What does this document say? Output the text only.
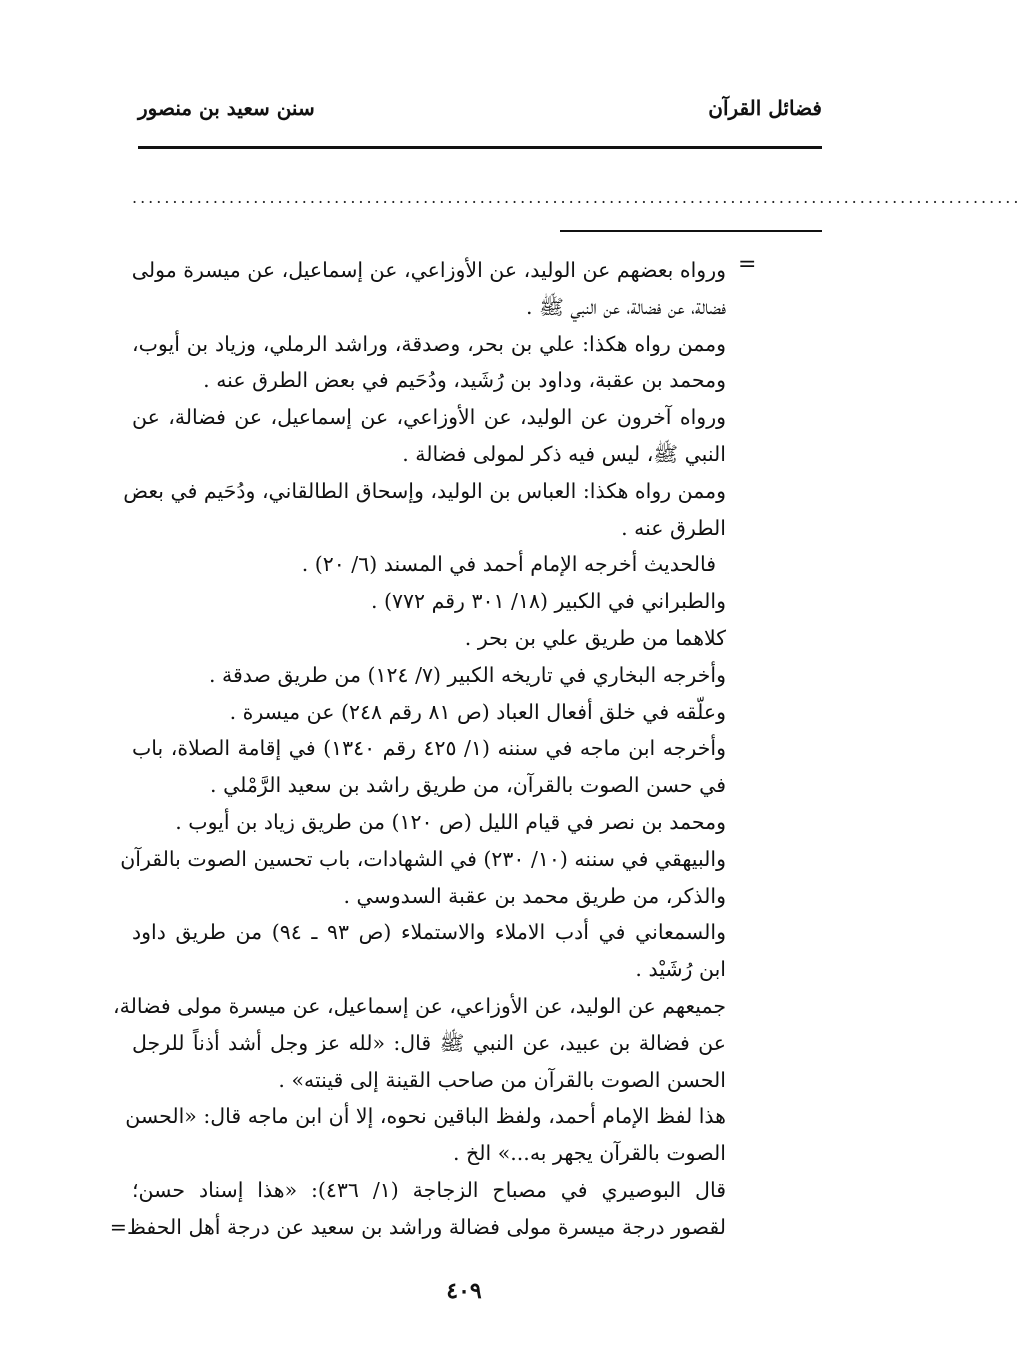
سنن سعيد بن منصور	فضائل القرآن
..............................................................................................................
=
ورواه بعضهم عن الوليد، عن الأوزاعي، عن إسماعيل، عن ميسرة مولى
فضالة، عن فضالة، عن النبي ﷺ .
وممن رواه هكذا: علي بن بحر، وصدقة، وراشد الرملي، وزياد بن أيوب،
ومحمد بن عقبة، وداود بن رُشَيد، ودُحَيم في بعض الطرق عنه .
ورواه آخرون عن الوليد، عن الأوزاعي، عن إسماعيل، عن فضالة، عن
النبي ﷺ، ليس فيه ذكر لمولى فضالة .
وممن رواه هكذا: العباس بن الوليد، وإسحاق الطالقاني، ودُحَيم في بعض
الطرق عنه .
فالحديث أخرجه الإمام أحمد في المسند (٦/ ٢٠) .
والطبراني في الكبير (١٨/ ٣٠١ رقم ٧٧٢) .
كلاهما من طريق علي بن بحر .
وأخرجه البخاري في تاريخه الكبير (٧/ ١٢٤) من طريق صدقة .
وعلّقه في خلق أفعال العباد (ص ٨١ رقم ٢٤٨) عن ميسرة .
وأخرجه ابن ماجه في سننه (١/ ٤٢٥ رقم ١٣٤٠) في إقامة الصلاة، باب
في حسن الصوت بالقرآن، من طريق راشد بن سعيد الرَّمْلي .
ومحمد بن نصر في قيام الليل (ص ١٢٠) من طريق زياد بن أيوب .
والبيهقي في سننه (١٠/ ٢٣٠) في الشهادات، باب تحسين الصوت بالقرآن
والذكر، من طريق محمد بن عقبة السدوسي .
والسمعاني في أدب الاملاء والاستملاء (ص ٩٣ ـ ٩٤) من طريق داود
ابن رُشَيْد .
جميعهم عن الوليد، عن الأوزاعي، عن إسماعيل، عن ميسرة مولى فضالة،
عن فضالة بن عبيد، عن النبي ﷺ قال: «لله عز وجل أشد أذناً للرجل
الحسن الصوت بالقرآن من صاحب القينة إلى قينته» .
هذا لفظ الإمام أحمد، ولفظ الباقين نحوه، إلا أن ابن ماجه قال: «الحسن
الصوت بالقرآن يجهر به...» الخ .
قال البوصيري في مصباح الزجاجة (١/ ٤٣٦): «هذا إسناد حسن؛
لقصور درجة ميسرة مولى فضالة وراشد بن سعيد عن درجة أهل الحفظ=
٤٠٩
